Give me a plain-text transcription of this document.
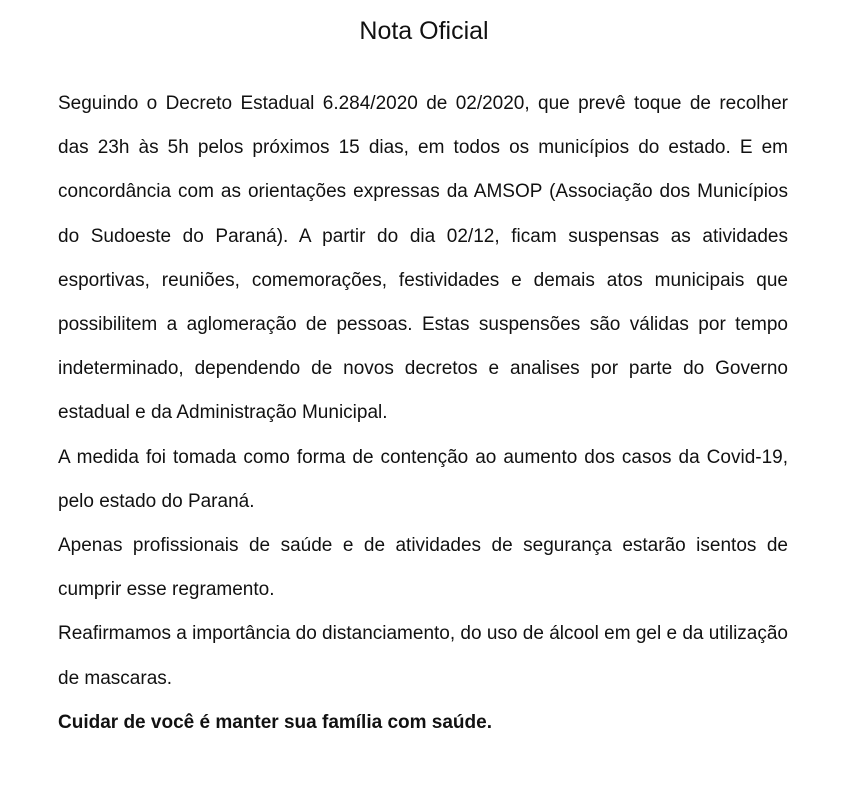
Nota Oficial

Seguindo o Decreto Estadual 6.284/2020 de 02/2020, que prevê toque de recolher das 23h às 5h pelos próximos 15 dias, em todos os municípios do estado. E em concordância com as orientações expressas da AMSOP (Associação dos Municípios do Sudoeste do Paraná). A partir do dia 02/12, ficam suspensas as atividades esportivas, reuniões, comemorações, festividades e demais atos municipais que possibilitem a aglomeração de pessoas. Estas suspensões são válidas por tempo indeterminado, dependendo de novos decretos e analises por parte do Governo estadual e da Administração Municipal.

A medida foi tomada como forma de contenção ao aumento dos casos da Covid-19, pelo estado do Paraná.

Apenas profissionais de saúde e de atividades de segurança estarão isentos de cumprir esse regramento.

Reafirmamos a importância do distanciamento, do uso de álcool em gel e da utilização de mascaras.

Cuidar de você é manter sua família com saúde.
